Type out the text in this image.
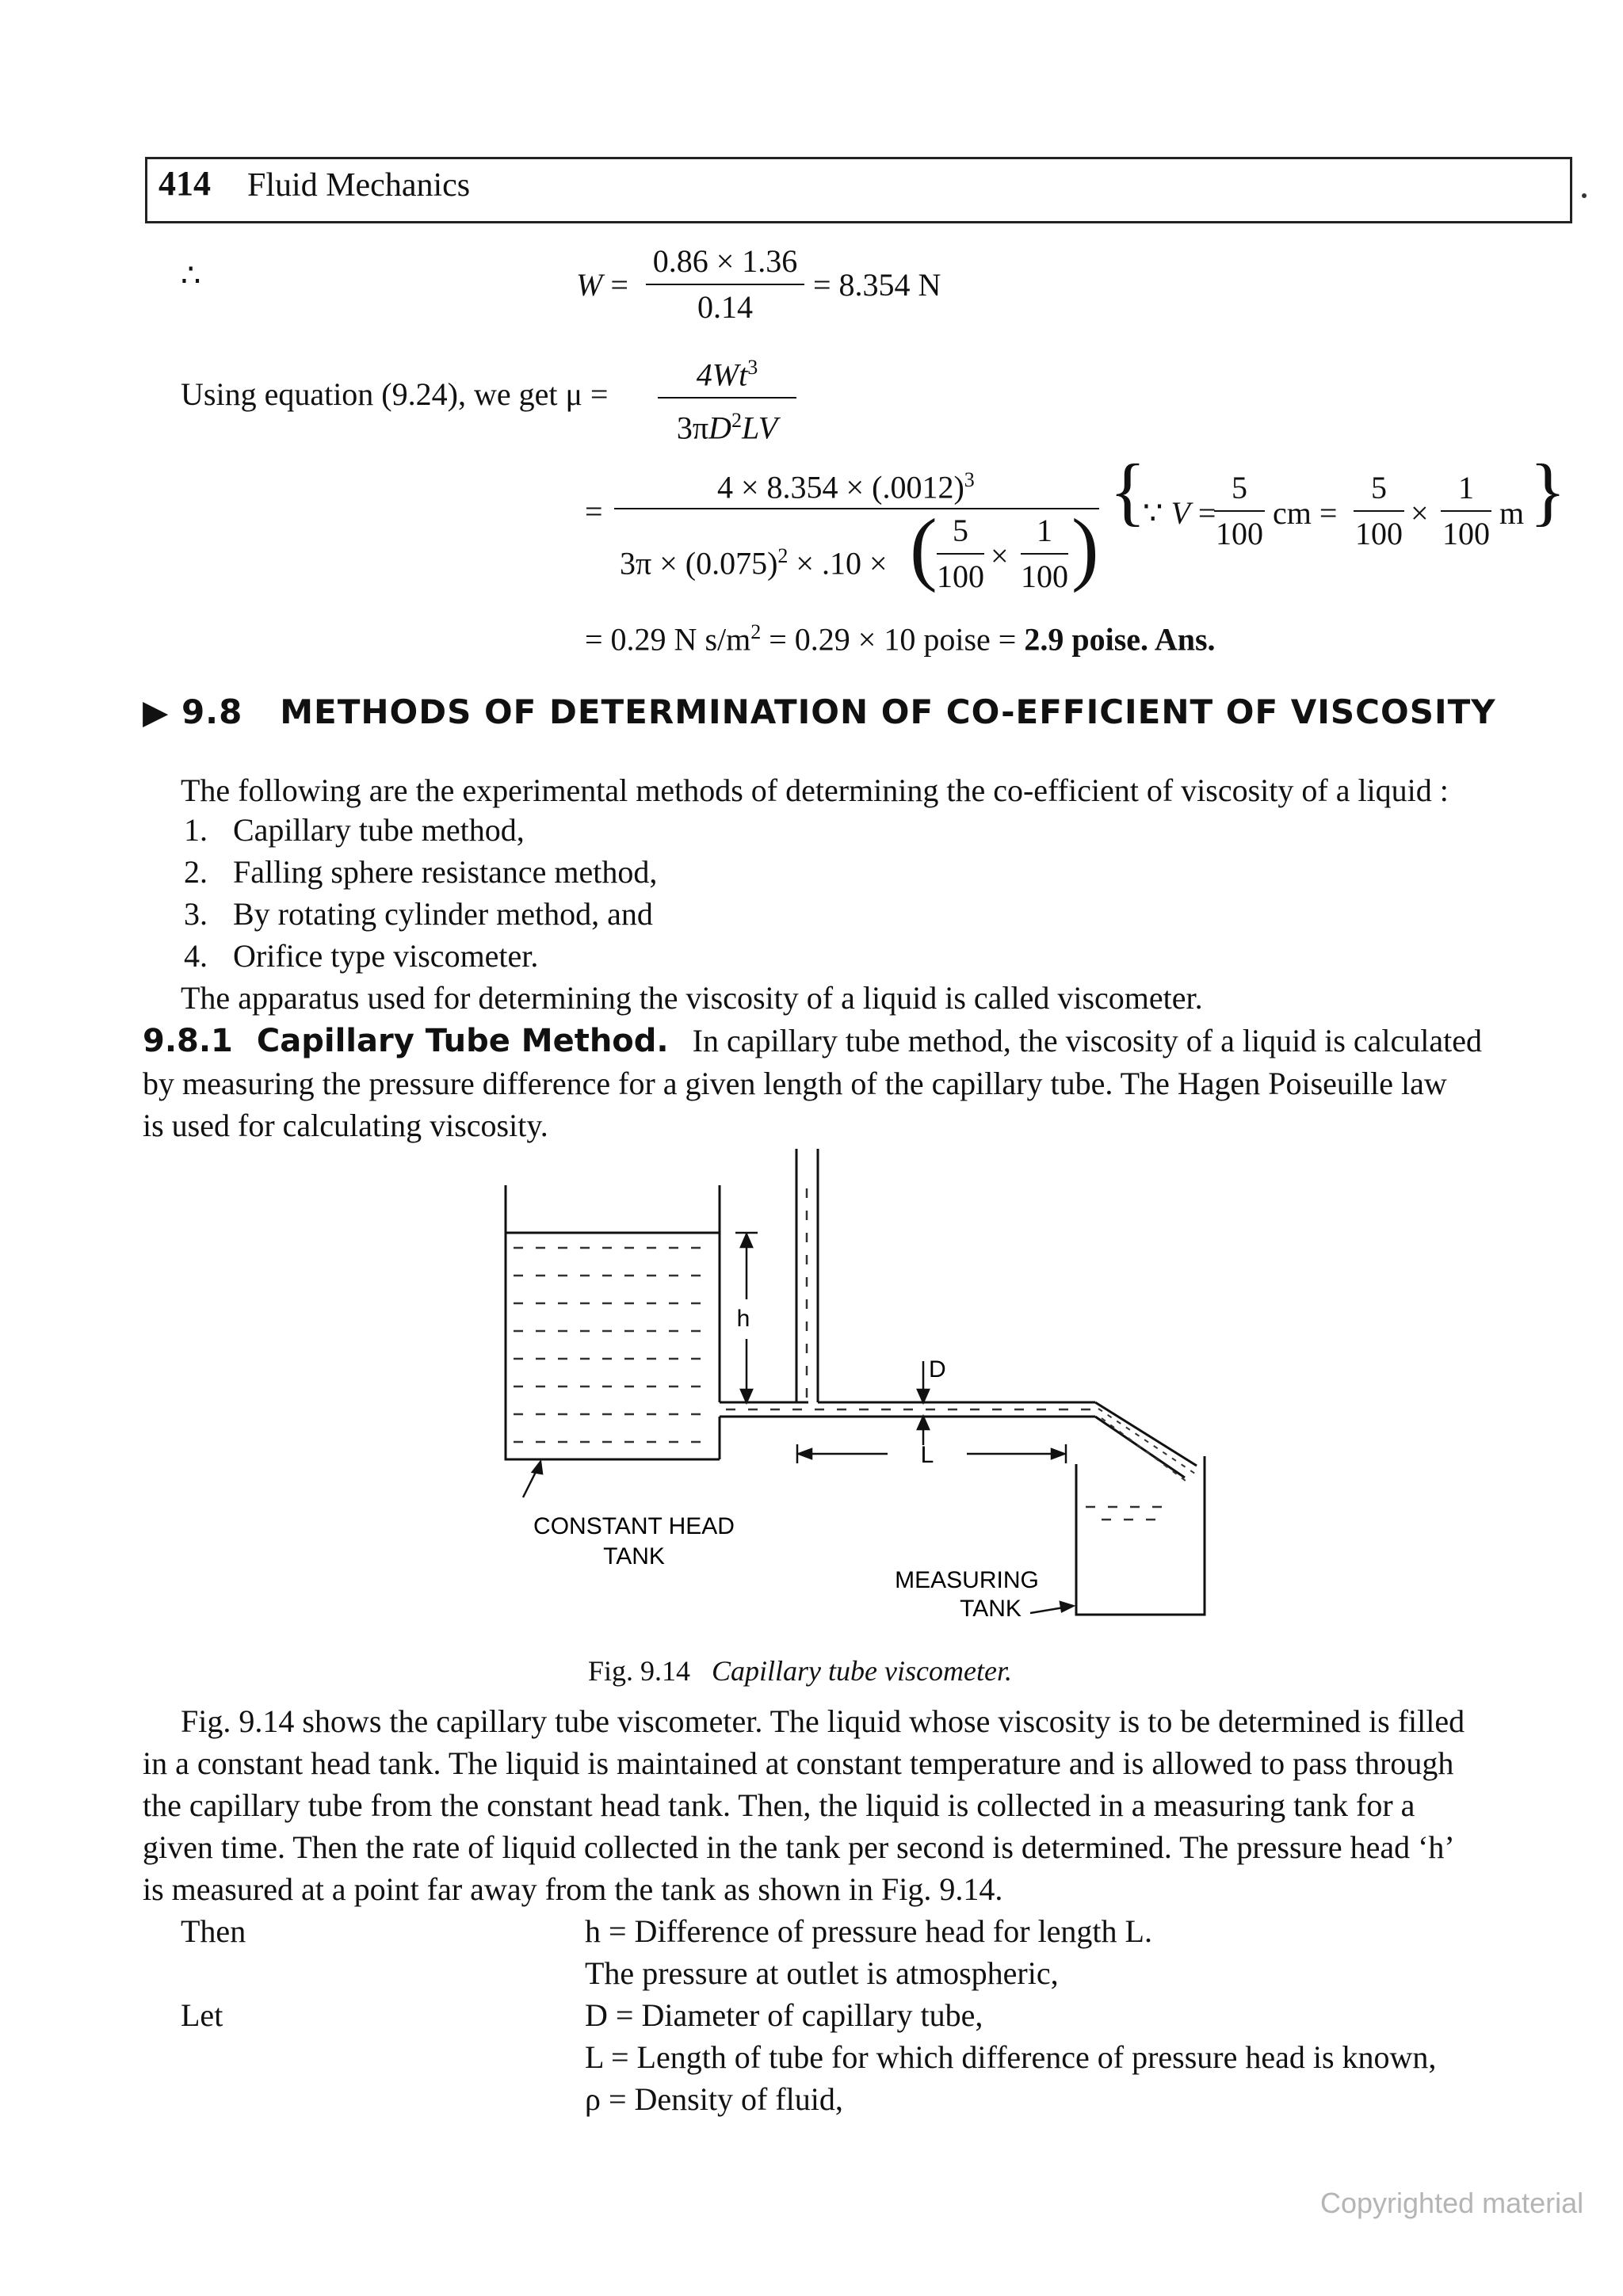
414 Fluid Mechanics
∴	W =
0.86 × 1.36
0.14
= 8.354 N
Using equation (9.24), we get μ =
$4Wt^3$
$3\pi D^2LV$
=
$4 \times 8.354 \times (.0012)^3$
$3\pi \times (0.075)^2 \times .10$ × ( 5
100
×
1
100 )
{
∵ V =
5
100
cm =
5
100
×
1
100
m }
= 0.29 N $s/m^2 = 0.29 \times 10$ poise = 2.9 poise. Ans.
▶ 9.8 METHODS OF DETERMINATION OF CO-EFFICIENT OF VISCOSITY
The following are the experimental methods of determining the co-efficient of viscosity of a liquid :
1. Capillary tube method,
2. Falling sphere resistance method,
3. By rotating cylinder method, and
4. Orifice type viscometer.
The apparatus used for determining the viscosity of a liquid is called viscometer.
9.8.1 Capillary Tube Method. In capillary tube method, the viscosity of a liquid is calculated
by measuring the pressure difference for a given length of the capillary tube. The Hagen Poiseuille law
is used for calculating viscosity.
h
D
L
CONSTANT HEAD
TANK
MEASURING
TANK
Fig. 9.14 Capillary tube viscometer.
Fig. 9.14 shows the capillary tube viscometer. The liquid whose viscosity is to be determined is filled
in a constant head tank. The liquid is maintained at constant temperature and is allowed to pass through
the capillary tube from the constant head tank. Then, the liquid is collected in a measuring tank for a
given time. Then the rate of liquid collected in the tank per second is determined. The pressure head ‘h’
is measured at a point far away from the tank as shown in Fig. 9.14.
Then	h = Difference of pressure head for length L.
The pressure at outlet is atmospheric,
Let	D = Diameter of capillary tube,
L = Length of tube for which difference of pressure head is known,
ρ = Density of fluid,
Copyrighted material
